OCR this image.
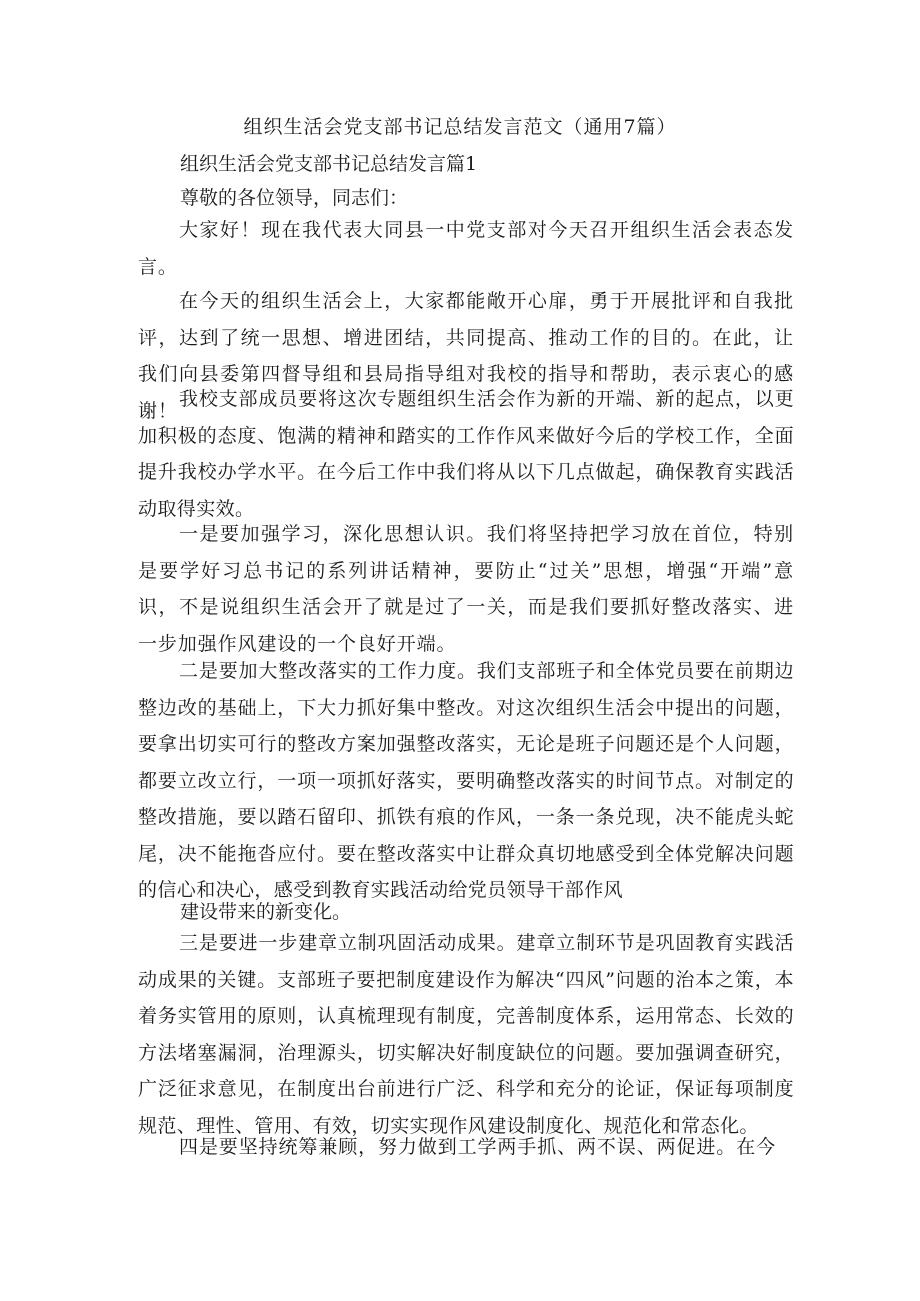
组织生活会党支部书记总结发言范文（通用7篇）
组织生活会党支部书记总结发言篇1
尊敬的各位领导，同志们：
大家好！现在我代表大同县一中党支部对今天召开组织生活会表态发言。
在今天的组织生活会上，大家都能敞开心扉，勇于开展批评和自我批评，达到了统一思想、增进团结，共同提高、推动工作的目的。在此，让我们向县委第四督导组和县局指导组对我校的指导和帮助，表示衷心的感谢！
我校支部成员要将这次专题组织生活会作为新的开端、新的起点，以更加积极的态度、饱满的精神和踏实的工作作风来做好今后的学校工作，全面提升我校办学水平。在今后工作中我们将从以下几点做起，确保教育实践活动取得实效。
一是要加强学习，深化思想认识。我们将坚持把学习放在首位，特别是要学好习总书记的系列讲话精神，要防止“过关”思想，增强“开端”意识，不是说组织生活会开了就是过了一关，而是我们要抓好整改落实、进一步加强作风建设的一个良好开端。
二是要加大整改落实的工作力度。我们支部班子和全体党员要在前期边整边改的基础上，下大力抓好集中整改。对这次组织生活会中提出的问题，要拿出切实可行的整改方案加强整改落实，无论是班子问题还是个人问题，都要立改立行，一项一项抓好落实，要明确整改落实的时间节点。对制定的整改措施，要以踏石留印、抓铁有痕的作风，一条一条兑现，决不能虎头蛇尾，决不能拖沓应付。要在整改落实中让群众真切地感受到全体党解决问题的信心和决心，感受到教育实践活动给党员领导干部作风
建设带来的新变化。
三是要进一步建章立制巩固活动成果。建章立制环节是巩固教育实践活动成果的关键。支部班子要把制度建设作为解决“四风”问题的治本之策，本着务实管用的原则，认真梳理现有制度，完善制度体系，运用常态、长效的方法堵塞漏洞，治理源头，切实解决好制度缺位的问题。要加强调查研究，广泛征求意见，在制度出台前进行广泛、科学和充分的论证，保证每项制度规范、理性、管用、有效，切实实现作风建设制度化、规范化和常态化。
四是要坚持统筹兼顾，努力做到工学两手抓、两不误、两促进。在今
